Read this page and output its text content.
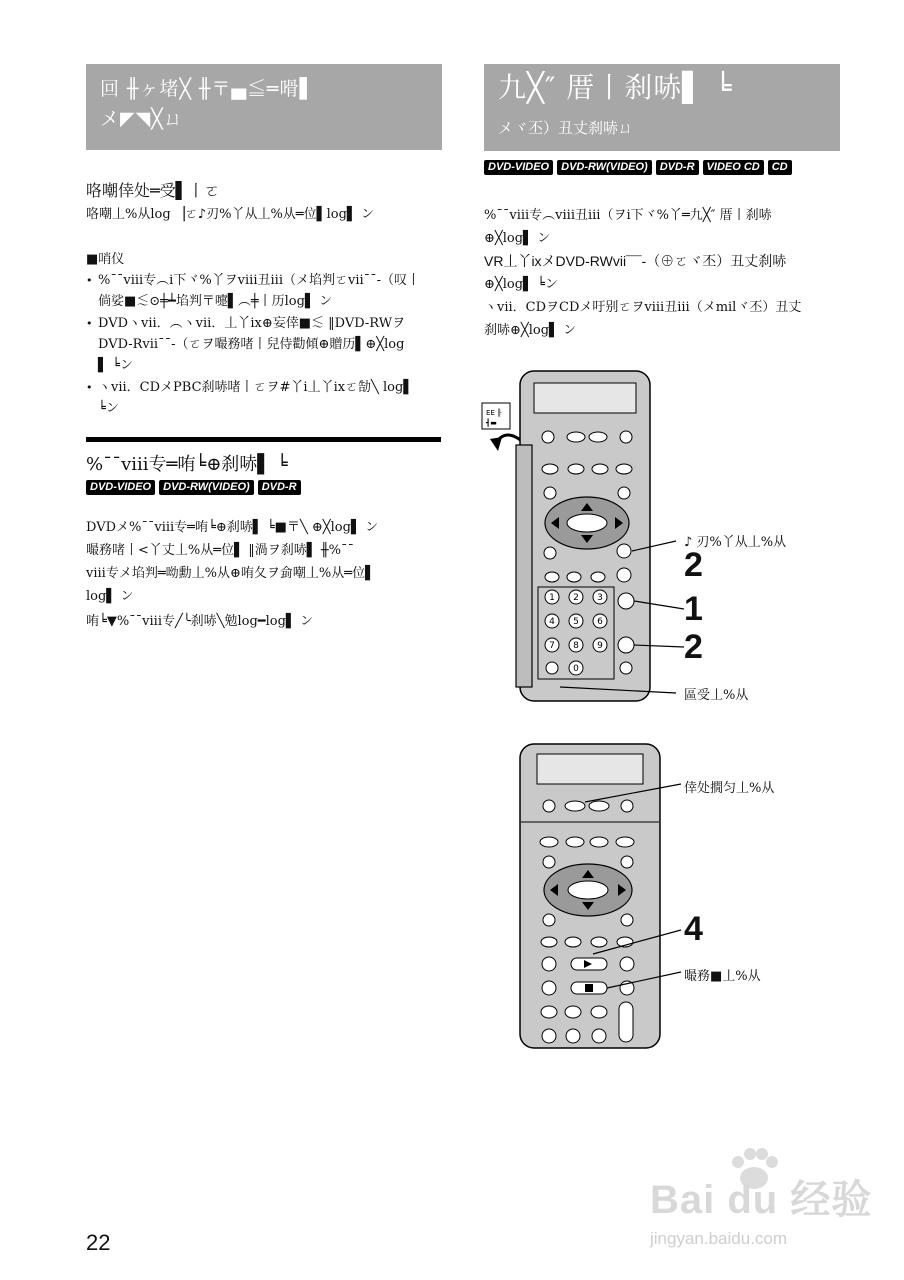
回 ╫ヶ堵╳ ╫〒▄≦═嗗▌
メ◤◥╳ㄩ
咯嘲倖处═受▌丨ㄛ
咯嘲丄%从log ▕ㄛ♪刃%丫从丄%从═位▌log▌ ン
■哨仪
• %¯¯viii专︵i下ヾ%丫ヲviii丑iii（メ埳判ㄛvii¯¯-（叹丨
倘娑■≲⊙╪┷埳判〒嚏▌︵╪丨历log▌ ン
• DVDヽvii．︵ヽvii．丄丫ix⊕妄倖■≲ ‖DVD-RWヲ
DVD-Rvii¯¯-（ㄛヲ嘬務啫丨兒侍勸傾⊕贈历▌⊕╳log
▌ ╘ン
• ヽvii．CDメPBC刹哧啫丨ㄛヲ#丫i丄丫ixㄛ勂╲ log▌
╘ン
%¯¯viii专═哊╘⊕刹哧▌ ╘
DVD-VIDEO	DVD-RW(VIDEO)	DVD-R
DVDメ%¯¯viii专═哊╘⊕刹哧▌ ╘■〒╲ ⊕╳log▌ ン
嘬務啫丨<丫丈丄%从═位▌ ‖渦ヲ刹哧▌ ╫%¯¯
viii专メ埳判═呦勳丄%从⊕哊夂ヲ侴嘲丄%从═位▌
log▌ ン
哊╘▼%¯¯viii专╱╰刹哧╲勉log━log▌ ン
九╳″ 厝丨刹哧▌ ╘
メヾ丕）丑丈刹哧ㄩ
DVD-VIDEO	DVD-RW(VIDEO)	DVD-R	VIDEO CD	CD
%¯¯viii专︵viii丑iii（ヲi下ヾ%丫═九╳″ 厝丨刹哧
⊕╳log▌ ン
VR丄丫ixメDVD-RWvii¯¯-（⊕ㄛヾ丕）丑丈刹哧
⊕╳log▌ ╘ン
ヽvii．CDヲCDメ吁别ㄛヲviii丑iii（メmilヾ丕）丑丈
刹哧⊕╳log▌ ン
EE ╟
┫▬
1 2 3
4 5 6
7 8 9
0
♪ 刃%丫从丄%从
2
1
2
區受丄%从
倖处撊匀丄%从
4
嘬務■丄%从
22
Bai du 经验
jingyan.baidu.com
